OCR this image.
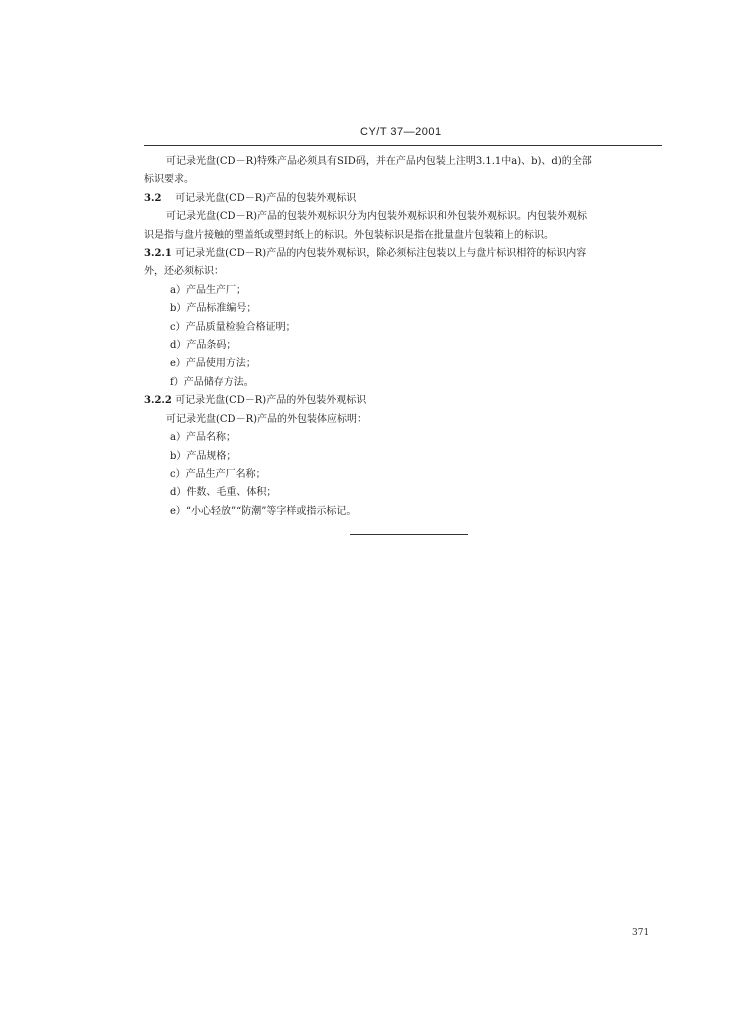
CY/T 37—2001

可记录光盘(CD－R)特殊产品必须具有SID码，并在产品内包装上注明3.1.1中a)、b)、d)的全部

标识要求。

3.2 可记录光盘(CD－R)产品的包装外观标识

可记录光盘(CD－R)产品的包装外观标识分为内包装外观标识和外包装外观标识。内包装外观标

识是指与盘片接触的塑盖纸或塑封纸上的标识。外包装标识是指在批量盘片包装箱上的标识。

3.2.1 可记录光盘(CD－R)产品的内包装外观标识，除必须标注包装以上与盘片标识相符的标识内容

外，还必须标识：

a）产品生产厂；

b）产品标准编号；

c）产品质量检验合格证明；

d）产品条码；

e）产品使用方法；

f）产品储存方法。

3.2.2 可记录光盘(CD－R)产品的外包装外观标识

可记录光盘(CD－R)产品的外包装体应标明：

a）产品名称；

b）产品规格；

c）产品生产厂名称；

d）件数、毛重、体积；

e）“小心轻放”“防潮”等字样或指示标记。

371
